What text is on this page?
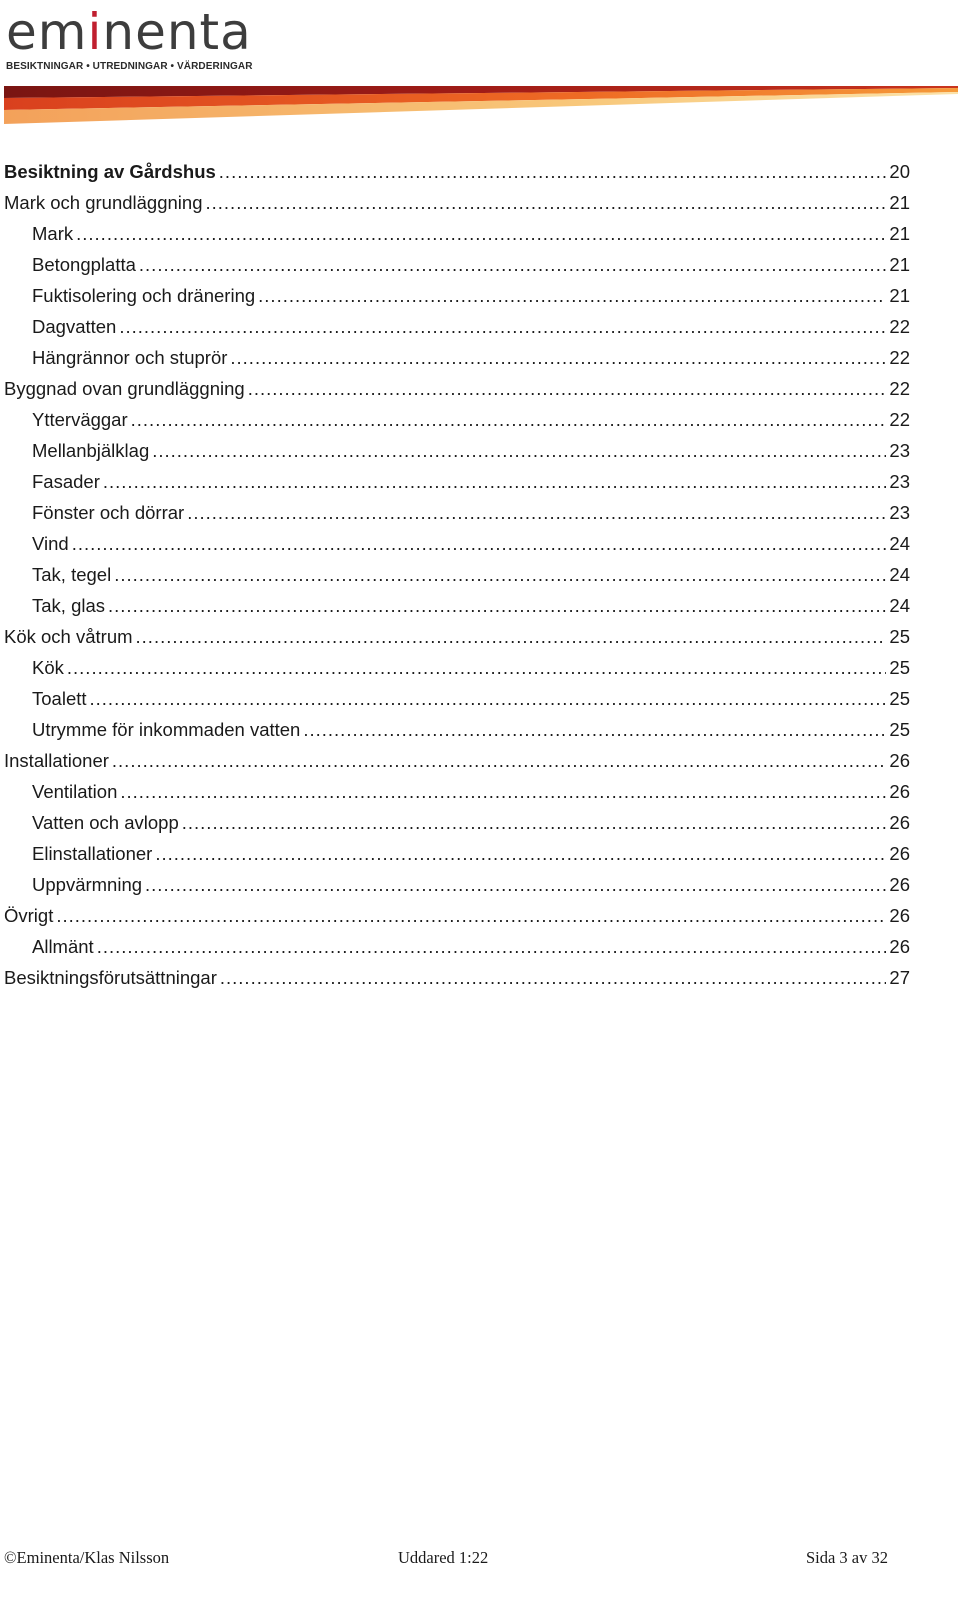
eminenta
BESIKTNINGAR • UTREDNINGAR • VÄRDERINGAR
Besiktning av Gårdshus .....	20
Mark och grundläggning .....	21
Mark .....	21
Betongplatta .....	21
Fuktisolering och dränering .....	21
Dagvatten .....	22
Hängrännor och stuprör .....	22
Byggnad ovan grundläggning .....	22
Ytterväggar .....	22
Mellanbjälklag .....	23
Fasader .....	23
Fönster och dörrar .....	23
Vind .....	24
Tak, tegel .....	24
Tak, glas .....	24
Kök och våtrum .....	25
Kök .....	25
Toalett .....	25
Utrymme för inkommaden vatten .....	25
Installationer .....	26
Ventilation .....	26
Vatten och avlopp .....	26
Elinstallationer .....	26
Uppvärmning .....	26
Övrigt .....	26
Allmänt .....	26
Besiktningsförutsättningar .....	27
©Eminenta/Klas Nilsson	Uddared 1:22	Sida 3 av 32
